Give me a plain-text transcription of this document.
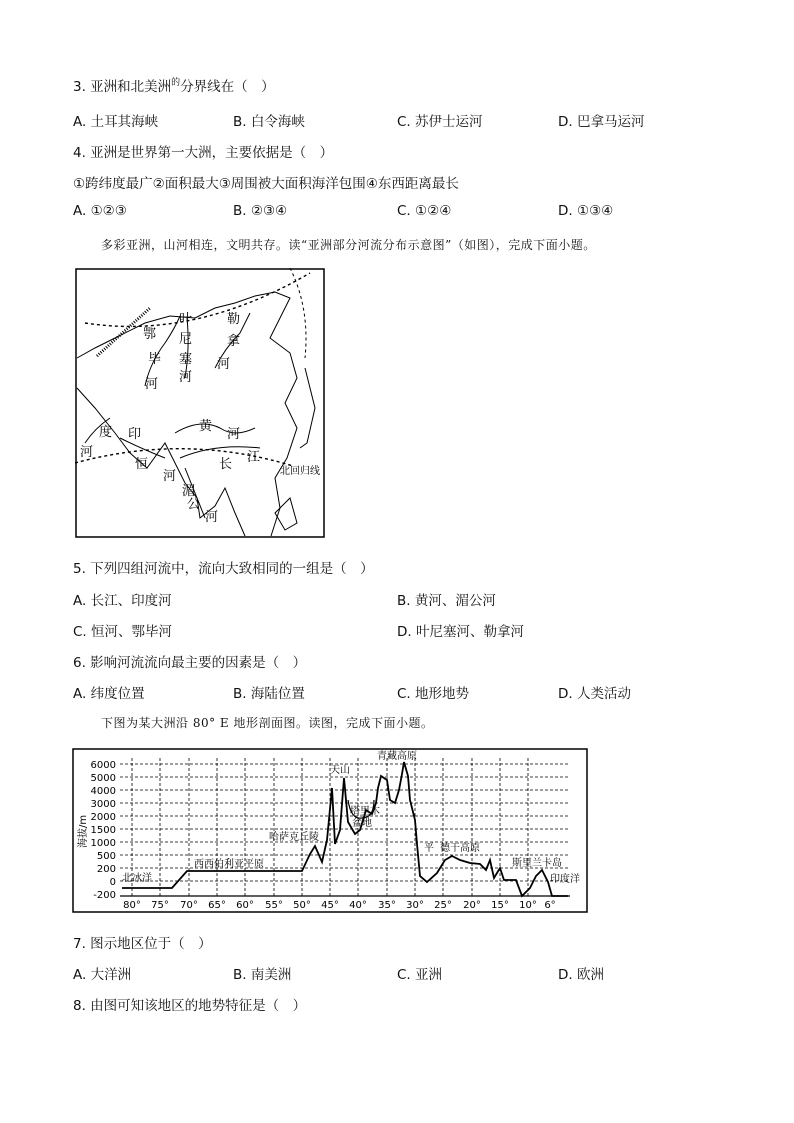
3. 亚洲和北美洲$^的$分界线在（　）
A. 土耳其海峡	B. 白令海峡	C. 苏伊士运河	D. 巴拿马运河
4. 亚洲是世界第一大洲，主要依据是（　）
①跨纬度最广②面积最大③周围被大面积海洋包围④东西距离最长
A. ①②③	B. ②③④	C. ①②④	D. ①③④
多彩亚洲，山河相连，文明共存。读“亚洲部分河流分布示意图”（如图），完成下面小题。
叶
鄂 尼
毕 塞
河 河
勒
拿
河
黄
河
长 江
度 印
河
恒
河
湄
公
河
北回归线
5. 下列四组河流中，流向大致相同的一组是（　）
A. 长江、印度河	B. 黄河、湄公河
C. 恒河、鄂毕河	D. 叶尼塞河、勒拿河
6. 影响河流流向最主要的因素是（　）
A. 纬度位置	B. 海陆位置	C. 地形地势	D. 人类活动
下图为某大洲沿 80° E 地形剖面图。读图，完成下面小题。
6000
5000
4000
3000
2000
1500
1000
500
200
0
-200
海拔/m
北冰洋
西西伯利亚平原
哈萨克丘陵
天山
青藏高原
塔里木
盆地
平 德干高原
斯里兰卡岛
印度洋
80° 75° 70° 65° 60° 55° 50° 45° 40° 35° 30° 25° 20° 15° 10° 6°
7. 图示地区位于（　）
A. 大洋洲	B. 南美洲	C. 亚洲	D. 欧洲
8. 由图可知该地区的地势特征是（　）
